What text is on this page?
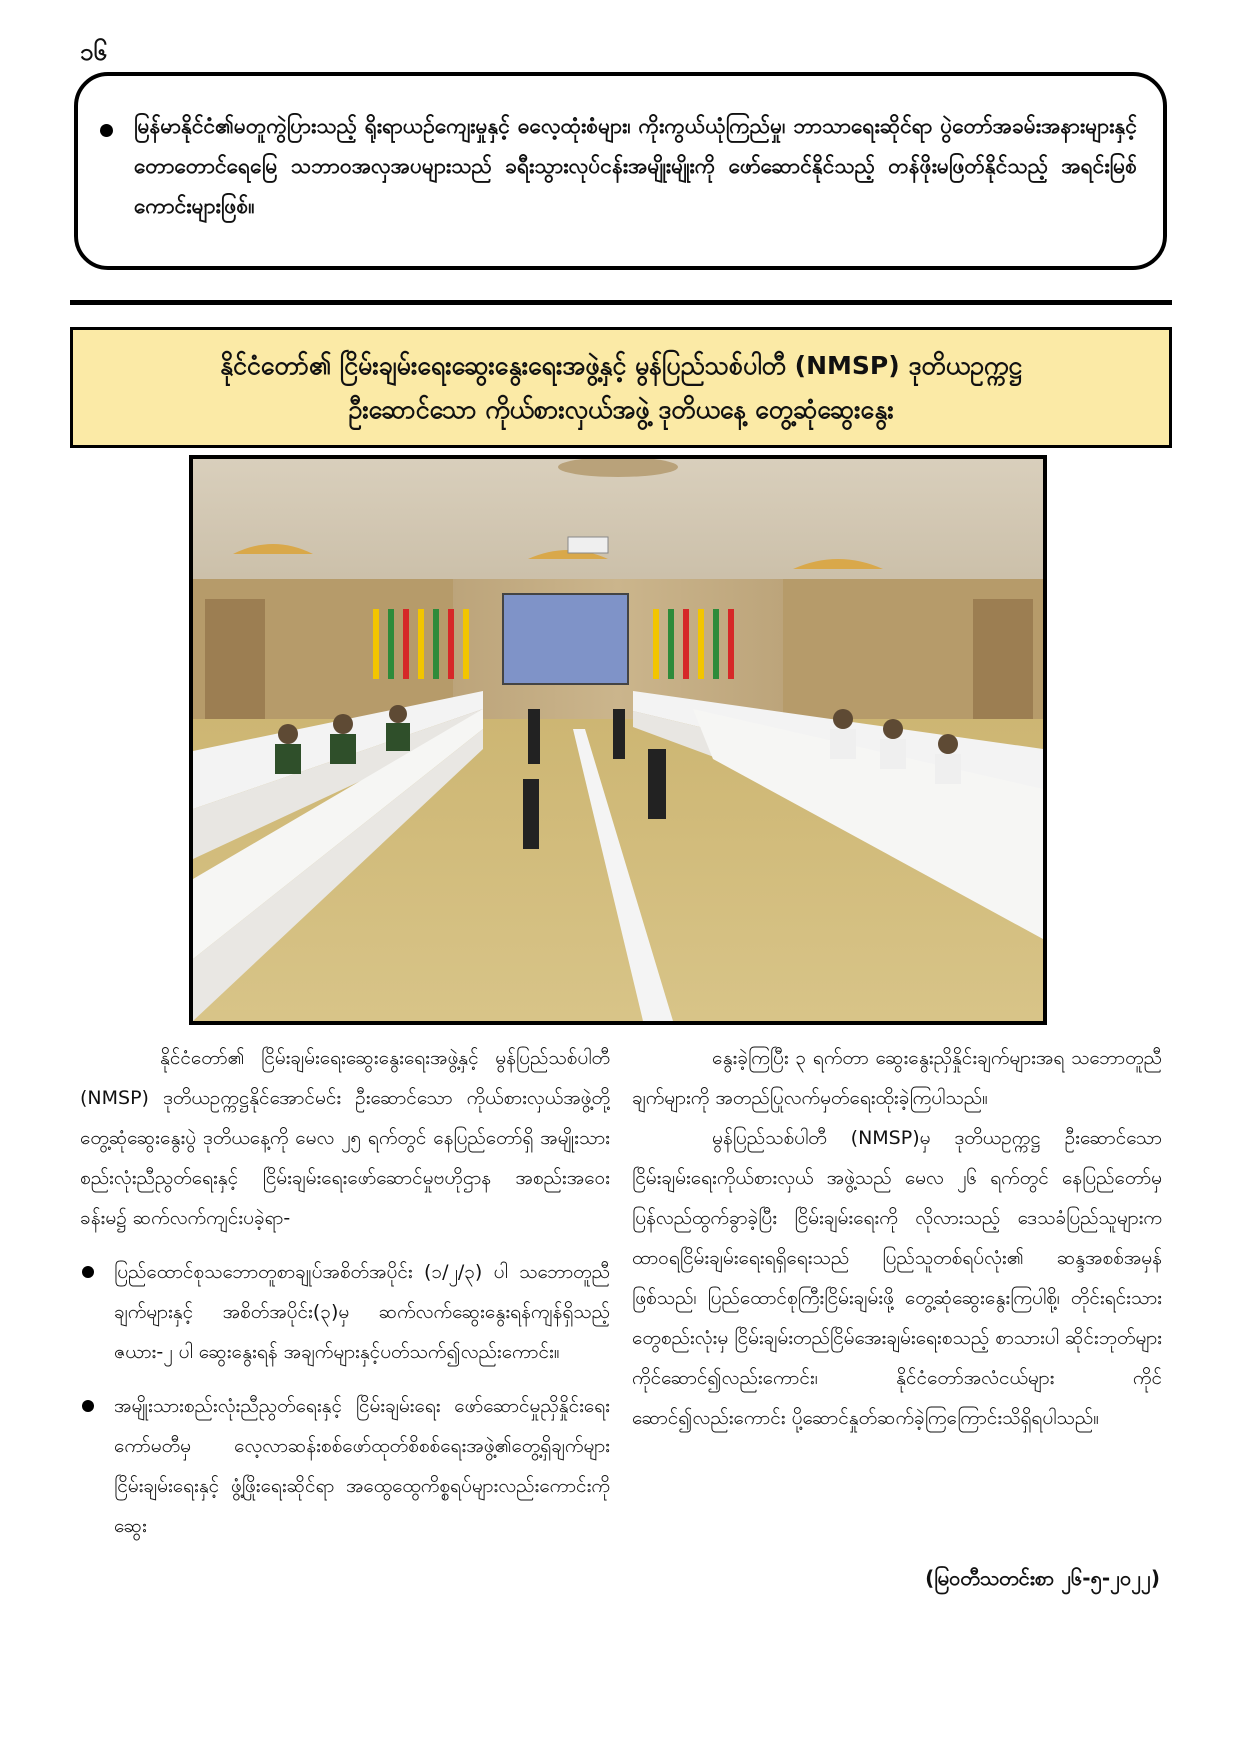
၁၆
မြန်မာနိုင်ငံ၏မတူကွဲပြားသည့် ရိုးရာယဉ်ကျေးမှုနှင့် ဓလေ့ထုံးစံများ၊ ကိုးကွယ်ယုံကြည်မှု၊ ဘာသာရေးဆိုင်ရာ ပွဲတော်အခမ်းအနားများနှင့် တောတောင်ရေမြေ သဘာဝအလှအပများသည် ခရီးသွားလုပ်ငန်းအမျိုးမျိုးကို ဖော်ဆောင်နိုင်သည့် တန်ဖိုးမဖြတ်နိုင်သည့် အရင်းမြစ်ကောင်းများဖြစ်။
နိုင်ငံတော်၏ ငြိမ်းချမ်းရေးဆွေးနွေးရေးအဖွဲ့နှင့် မွန်ပြည်သစ်ပါတီ (NMSP) ဒုတိယဥက္ကဋ္ဌ
ဦးဆောင်သော ကိုယ်စားလှယ်အဖွဲ့ ဒုတိယနေ့ တွေ့ဆုံဆွေးနွေး

နိုင်ငံတော်၏ ငြိမ်းချမ်းရေးဆွေးနွေးရေးအဖွဲ့နှင့် မွန်ပြည်သစ်ပါတီ (NMSP) ဒုတိယဥက္ကဋ္ဌနိုင်အောင်မင်း ဦးဆောင်သော ကိုယ်စားလှယ်အဖွဲ့တို့ တွေ့ဆုံဆွေးနွေးပွဲ ဒုတိယနေ့ကို မေလ ၂၅ ရက်တွင် နေပြည်တော်ရှိ အမျိုးသားစည်းလုံးညီညွတ်ရေးနှင့် ငြိမ်းချမ်းရေးဖော်ဆောင်မှုဗဟိုဌာန အစည်းအဝေးခန်းမ၌ ဆက်လက်ကျင်းပခဲ့ရာ-

ပြည်ထောင်စုသဘောတူစာချုပ်အစိတ်အပိုင်း (၁/၂/၃) ပါ သဘောတူညီချက်များနှင့် အစိတ်အပိုင်း(၃)မှ ဆက်လက်ဆွေးနွေးရန်ကျန်ရှိသည့် ဇယား-၂ ပါ ဆွေးနွေးရန် အချက်များနှင့်ပတ်သက်၍လည်းကောင်း။

အမျိုးသားစည်းလုံးညီညွတ်ရေးနှင့် ငြိမ်းချမ်းရေး ဖော်ဆောင်မှုညှိနှိုင်းရေးကော်မတီမှ လေ့လာဆန်းစစ်ဖော်ထုတ်စိစစ်ရေးအဖွဲ့၏တွေ့ရှိချက်များ ငြိမ်းချမ်းရေးနှင့် ဖွံ့ဖြိုးရေးဆိုင်ရာ အထွေထွေကိစ္စရပ်များလည်းကောင်းကို ဆွေး

နွေးခဲ့ကြပြီး ၃ ရက်တာ ဆွေးနွေးညှိနှိုင်းချက်များအရ သဘောတူညီချက်များကို အတည်ပြုလက်မှတ်ရေးထိုးခဲ့ကြပါသည်။

မွန်ပြည်သစ်ပါတီ (NMSP)မှ ဒုတိယဥက္ကဋ္ဌ ဦးဆောင်သော ငြိမ်းချမ်းရေးကိုယ်စားလှယ် အဖွဲ့သည် မေလ ၂၆ ရက်တွင် နေပြည်တော်မှ ပြန်လည်ထွက်ခွာခဲ့ပြီး ငြိမ်းချမ်းရေးကို လိုလားသည့် ဒေသခံပြည်သူများက ထာဝရငြိမ်းချမ်းရေးရရှိရေးသည် ပြည်သူတစ်ရပ်လုံး၏ ဆန္ဒအစစ်အမှန်ဖြစ်သည်၊ ပြည်ထောင်စုကြီးငြိမ်းချမ်းဖို့ တွေ့ဆုံဆွေးနွေးကြပါစို့၊ တိုင်းရင်းသားတွေစည်းလုံးမှ ငြိမ်းချမ်းတည်ငြိမ်အေးချမ်းရေးစသည့် စာသားပါ ဆိုင်းဘုတ်များ ကိုင်ဆောင်၍လည်းကောင်း၊ နိုင်ငံတော်အလံငယ်များ ကိုင်ဆောင်၍လည်းကောင်း ပို့ဆောင်နှုတ်ဆက်ခဲ့ကြကြောင်းသိရှိရပါသည်။

(မြဝတီသတင်းစာ ၂၆-၅-၂၀၂၂)
